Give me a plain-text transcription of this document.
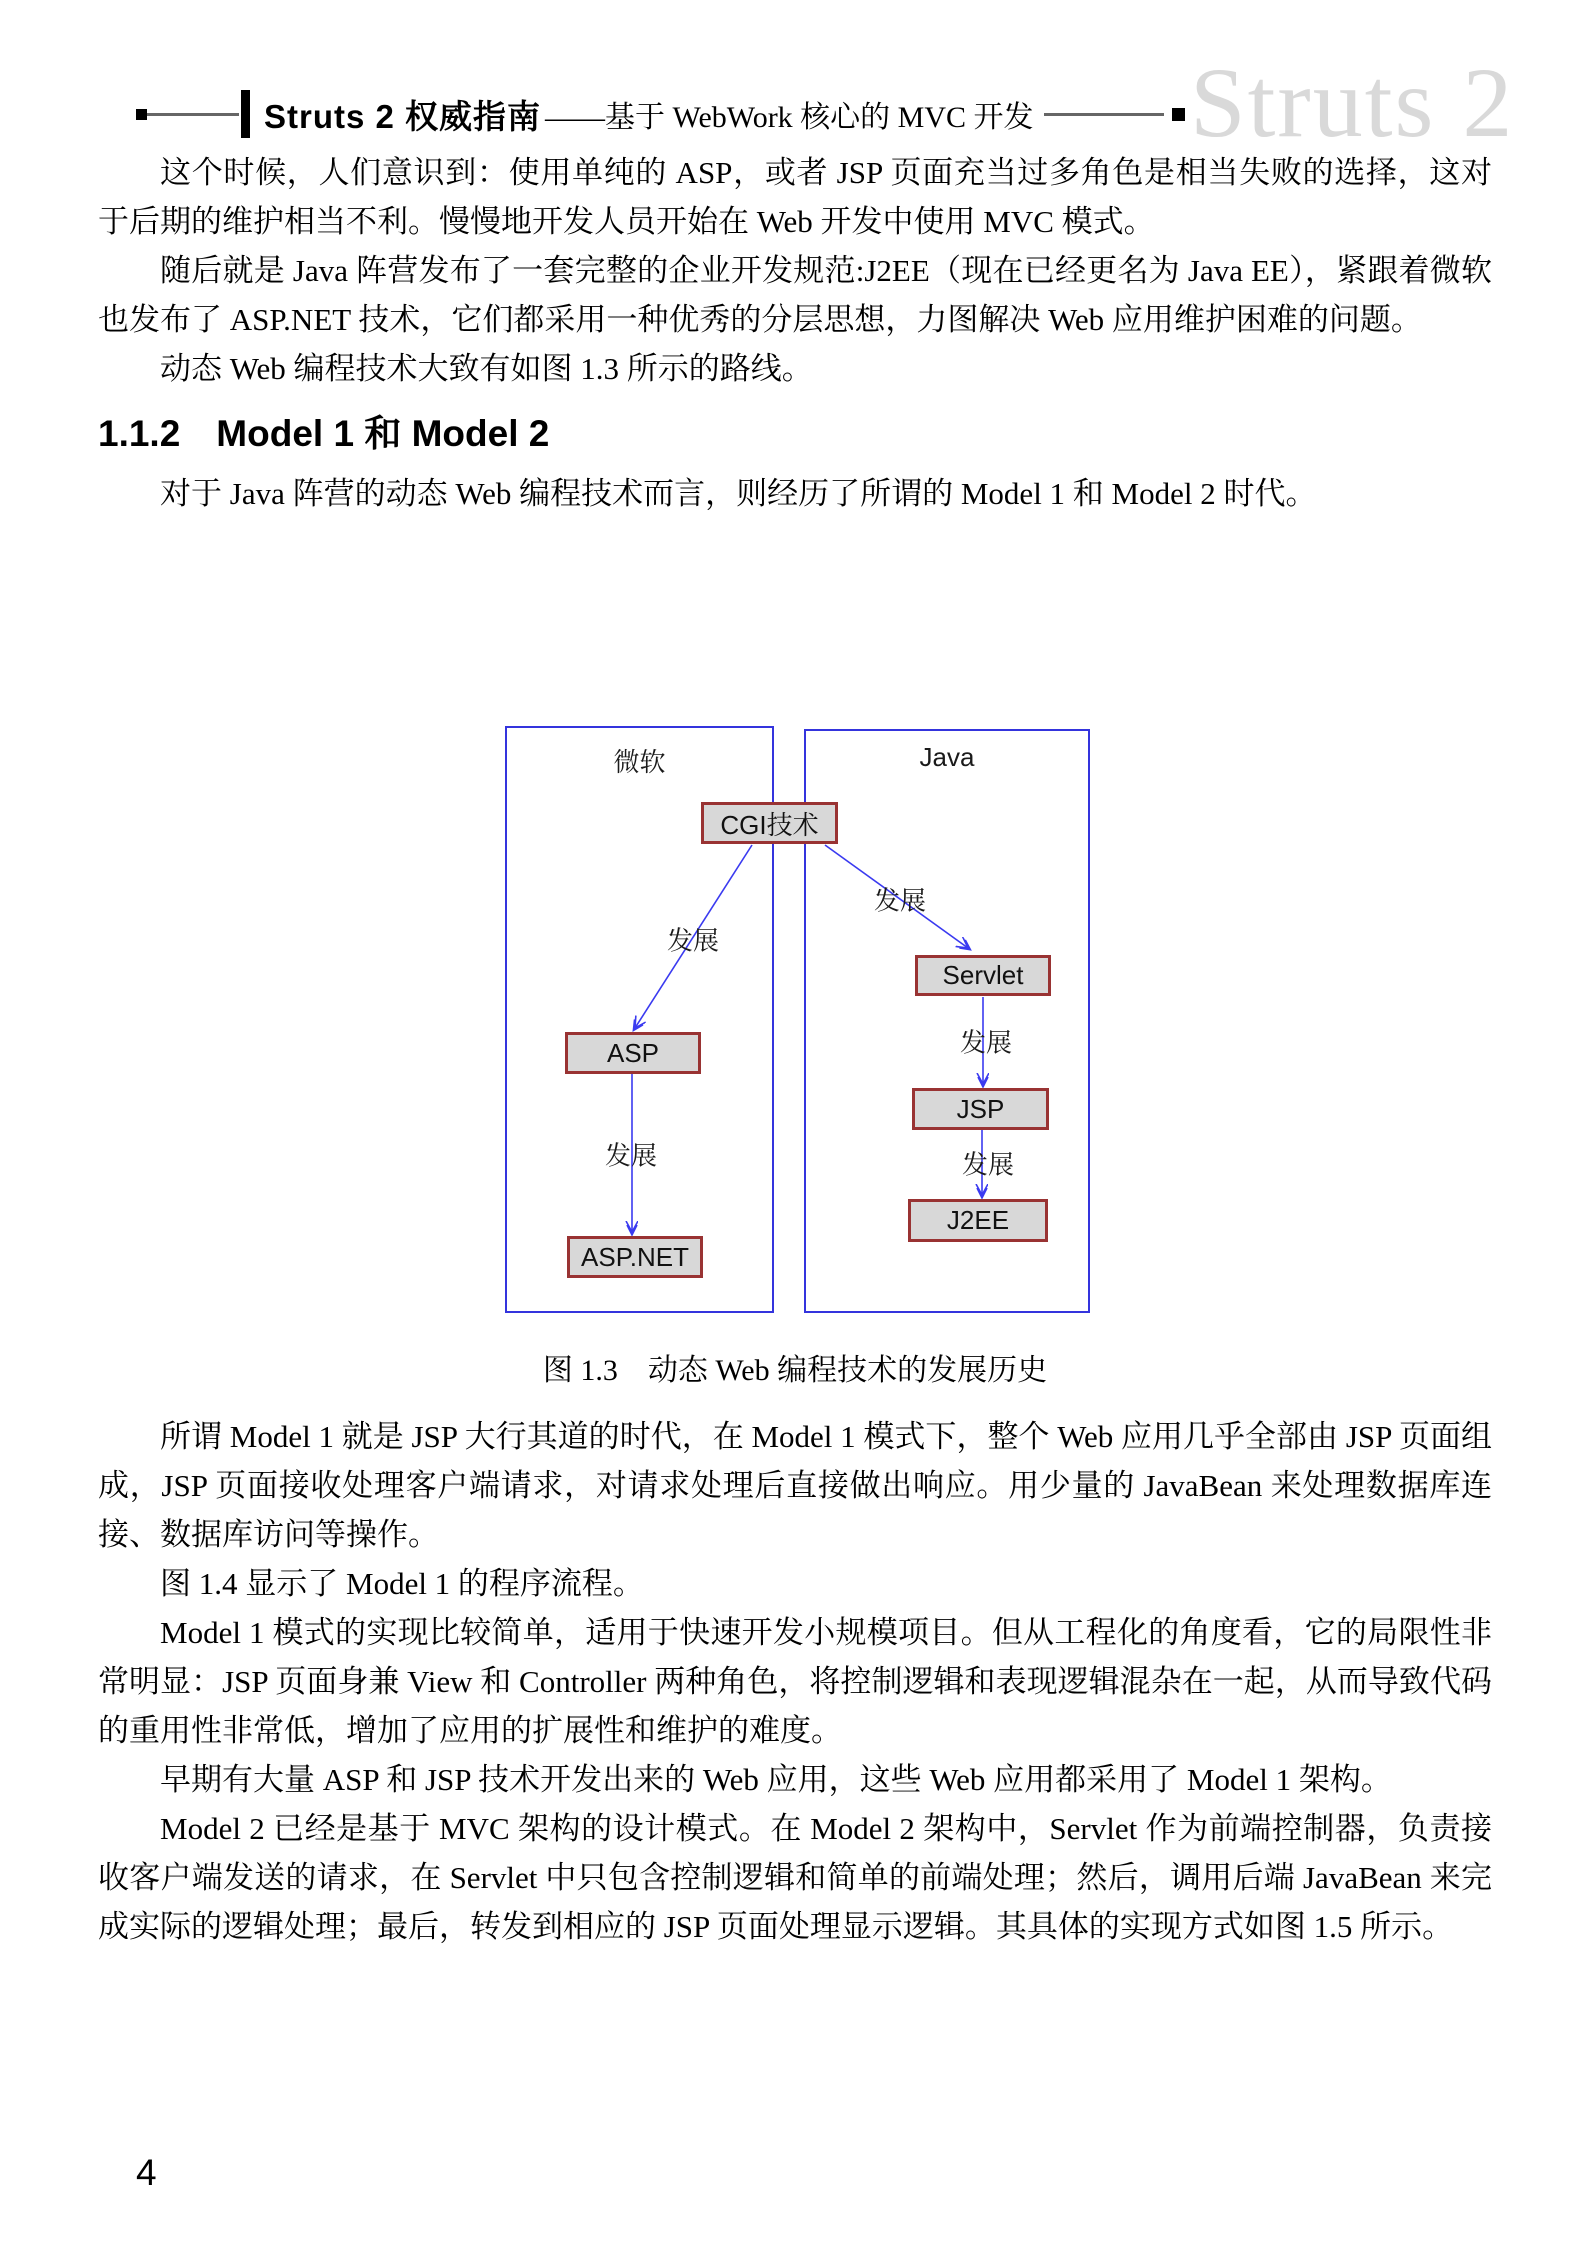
Struts 2 权威指南 ——基于 WebWork 核心的 MVC 开发 Struts 2

这个时候，人们意识到：使用单纯的 ASP，或者 JSP 页面充当过多角色是相当失败的选择，这对于后期的维护相当不利。慢慢地开发人员开始在 Web 开发中使用 MVC 模式。

随后就是 Java 阵营发布了一套完整的企业开发规范:J2EE（现在已经更名为 Java EE），紧跟着微软也发布了 ASP.NET 技术，它们都采用一种优秀的分层思想，力图解决 Web 应用维护困难的问题。

动态 Web 编程技术大致有如图 1.3 所示的路线。

1.1.2 Model 1 和 Model 2

对于 Java 阵营的动态 Web 编程技术而言，则经历了所谓的 Model 1 和 Model 2 时代。

微软	Java
CGI技术
ASP
ASP.NET
Servlet
JSP
J2EE
发展
发展
发展
发展
发展
图 1.3　动态 Web 编程技术的发展历史

所谓 Model 1 就是 JSP 大行其道的时代，在 Model 1 模式下，整个 Web 应用几乎全部由 JSP 页面组成，JSP 页面接收处理客户端请求，对请求处理后直接做出响应。用少量的 JavaBean 来处理数据库连接、数据库访问等操作。

图 1.4 显示了 Model 1 的程序流程。

Model 1 模式的实现比较简单，适用于快速开发小规模项目。但从工程化的角度看，它的局限性非常明显：JSP 页面身兼 View 和 Controller 两种角色，将控制逻辑和表现逻辑混杂在一起，从而导致代码的重用性非常低，增加了应用的扩展性和维护的难度。

早期有大量 ASP 和 JSP 技术开发出来的 Web 应用，这些 Web 应用都采用了 Model 1 架构。

Model 2 已经是基于 MVC 架构的设计模式。在 Model 2 架构中，Servlet 作为前端控制器，负责接收客户端发送的请求，在 Servlet 中只包含控制逻辑和简单的前端处理；然后，调用后端 JavaBean 来完成实际的逻辑处理；最后，转发到相应的 JSP 页面处理显示逻辑。其具体的实现方式如图 1.5 所示。

4
